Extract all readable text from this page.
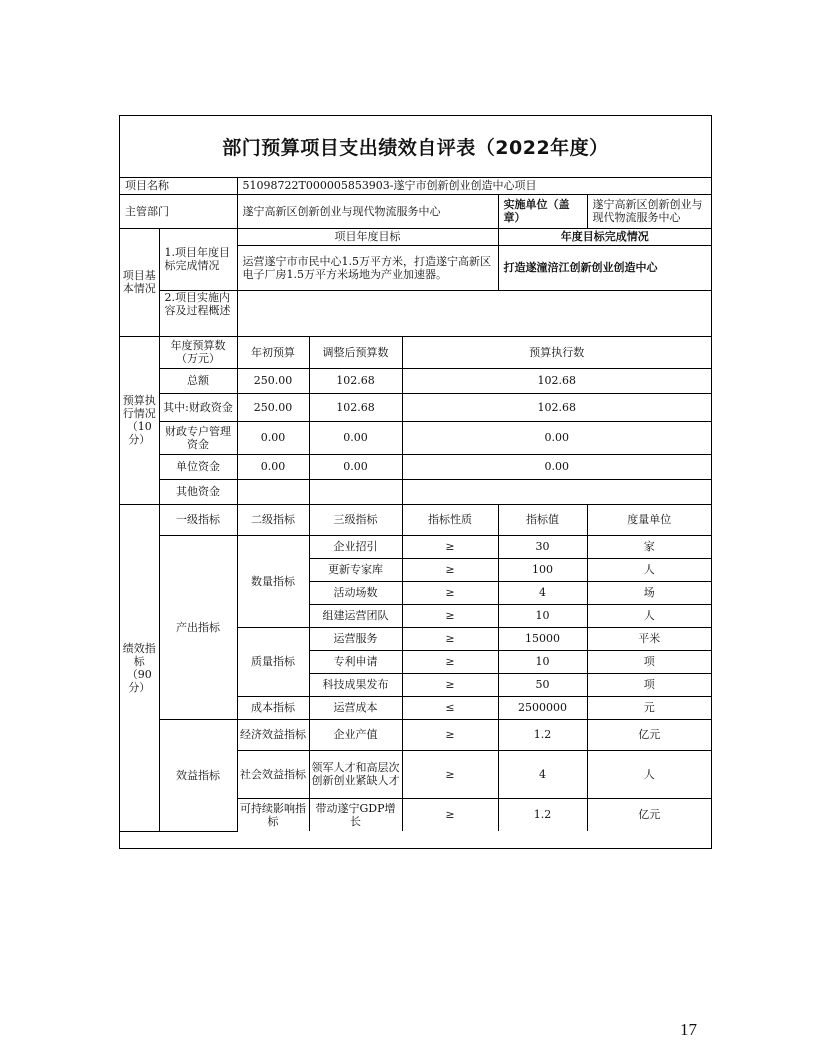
部门预算项目支出绩效自评表（2022年度）
项目名称		51098722T000005853903-遂宁市创新创业创造中心项目				
主管部门		遂宁高新区创新创业与现代物流服务中心			实施单位（盖章）	遂宁高新区创新创业与现代物流服务中心
项目基本情况	1.项目年度目标完成情况	项目年度目标			年度目标完成情况	
		运营遂宁市市民中心1.5万平方米，打造遂宁高新区电子厂房1.5万平方米场地为产业加速器。			打造遂潼涪江创新创业创造中心	
	2.项目实施内容及过程概述					
预算执行情况（10分）	年度预算数（万元）	年初预算	调整后预算数	预算执行数		
	总额	250.00	102.68	102.68		
	其中:财政资金	250.00	102.68	102.68		
	财政专户管理资金	0.00	0.00	0.00		
	单位资金	0.00	0.00	0.00		
	其他资金					
绩效指标（90分）	一级指标	二级指标	三级指标	指标性质	指标值	度量单位
	产出指标	数量指标	企业招引	≥	30	家
			更新专家库	≥	100	人
			活动场数	≥	4	场
			组建运营团队	≥	10	人
		质量指标	运营服务	≥	15000	平米
			专利申请	≥	10	项
			科技成果发布	≥	50	项
		成本指标	运营成本	≤	2500000	元
	效益指标	经济效益指标	企业产值	≥	1.2	亿元
		社会效益指标	领军人才和高层次创新创业紧缺人才	≥	4	人
		可持续影响指标	带动遂宁GDP增长	≥	1.2	亿元
17
